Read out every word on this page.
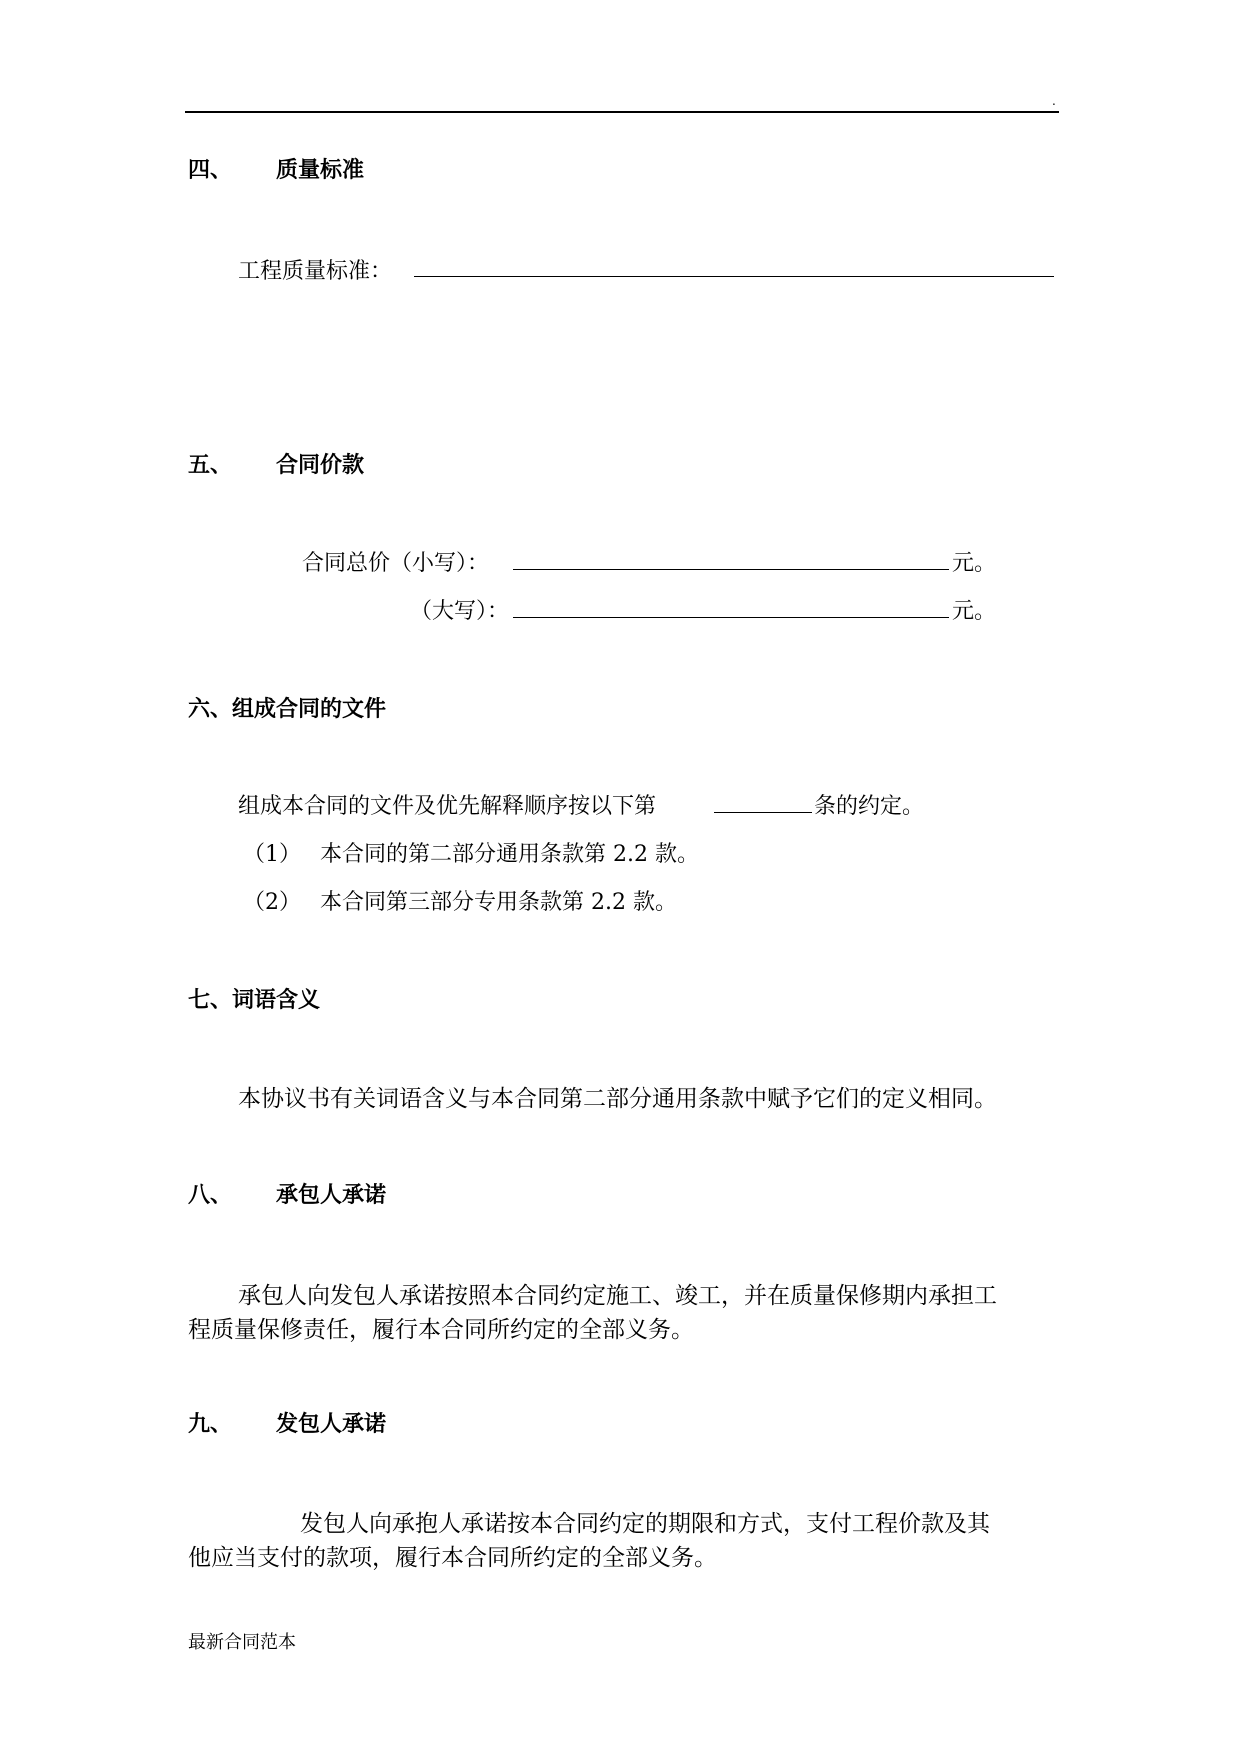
.
四、 质量标准
工程质量标准：
五、 合同价款
合同总价（小写）：	元。
（大写）：	元。
六、组成合同的文件
组成本合同的文件及优先解释顺序按以下第	条的约定。
（1） 本合同的第二部分通用条款第 2.2 款。
（2） 本合同第三部分专用条款第 2.2 款。
七、词语含义
本协议书有关词语含义与本合同第二部分通用条款中赋予它们的定义相同。
八、 承包人承诺
承包人向发包人承诺按照本合同约定施工、竣工，并在质量保修期内承担工
程质量保修责任，履行本合同所约定的全部义务。
九、 发包人承诺
发包人向承抱人承诺按本合同约定的期限和方式，支付工程价款及其
他应当支付的款项，履行本合同所约定的全部义务。
最新合同范本
